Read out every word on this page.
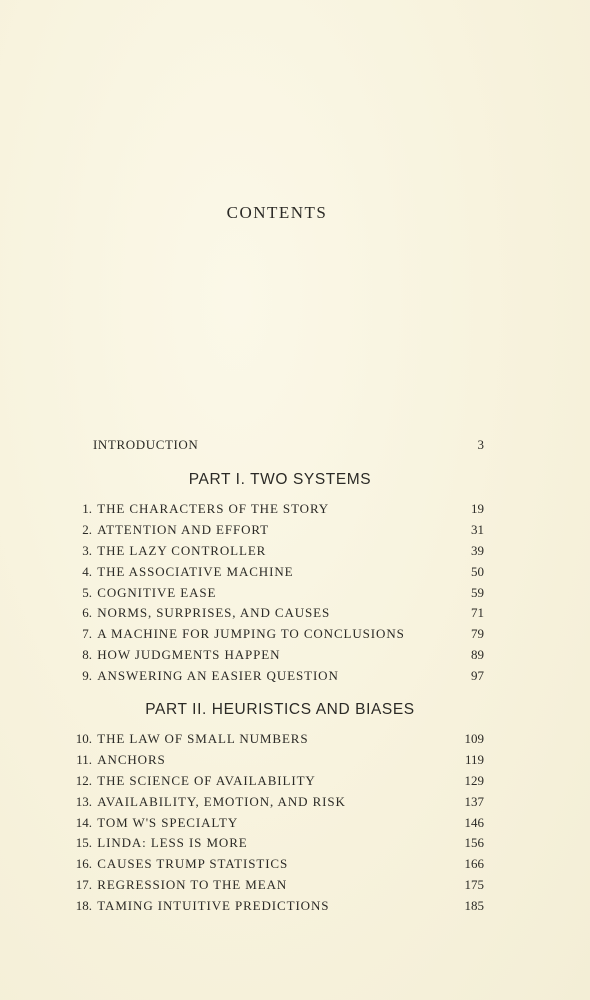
CONTENTS
INTRODUCTION	3
PART I. TWO SYSTEMS
1. THE CHARACTERS OF THE STORY	19
2. ATTENTION AND EFFORT	31
3. THE LAZY CONTROLLER	39
4. THE ASSOCIATIVE MACHINE	50
5. COGNITIVE EASE	59
6. NORMS, SURPRISES, AND CAUSES	71
7. A MACHINE FOR JUMPING TO CONCLUSIONS	79
8. HOW JUDGMENTS HAPPEN	89
9. ANSWERING AN EASIER QUESTION	97
PART II. HEURISTICS AND BIASES
10. THE LAW OF SMALL NUMBERS	109
11. ANCHORS	119
12. THE SCIENCE OF AVAILABILITY	129
13. AVAILABILITY, EMOTION, AND RISK	137
14. TOM W'S SPECIALTY	146
15. LINDA: LESS IS MORE	156
16. CAUSES TRUMP STATISTICS	166
17. REGRESSION TO THE MEAN	175
18. TAMING INTUITIVE PREDICTIONS	185
